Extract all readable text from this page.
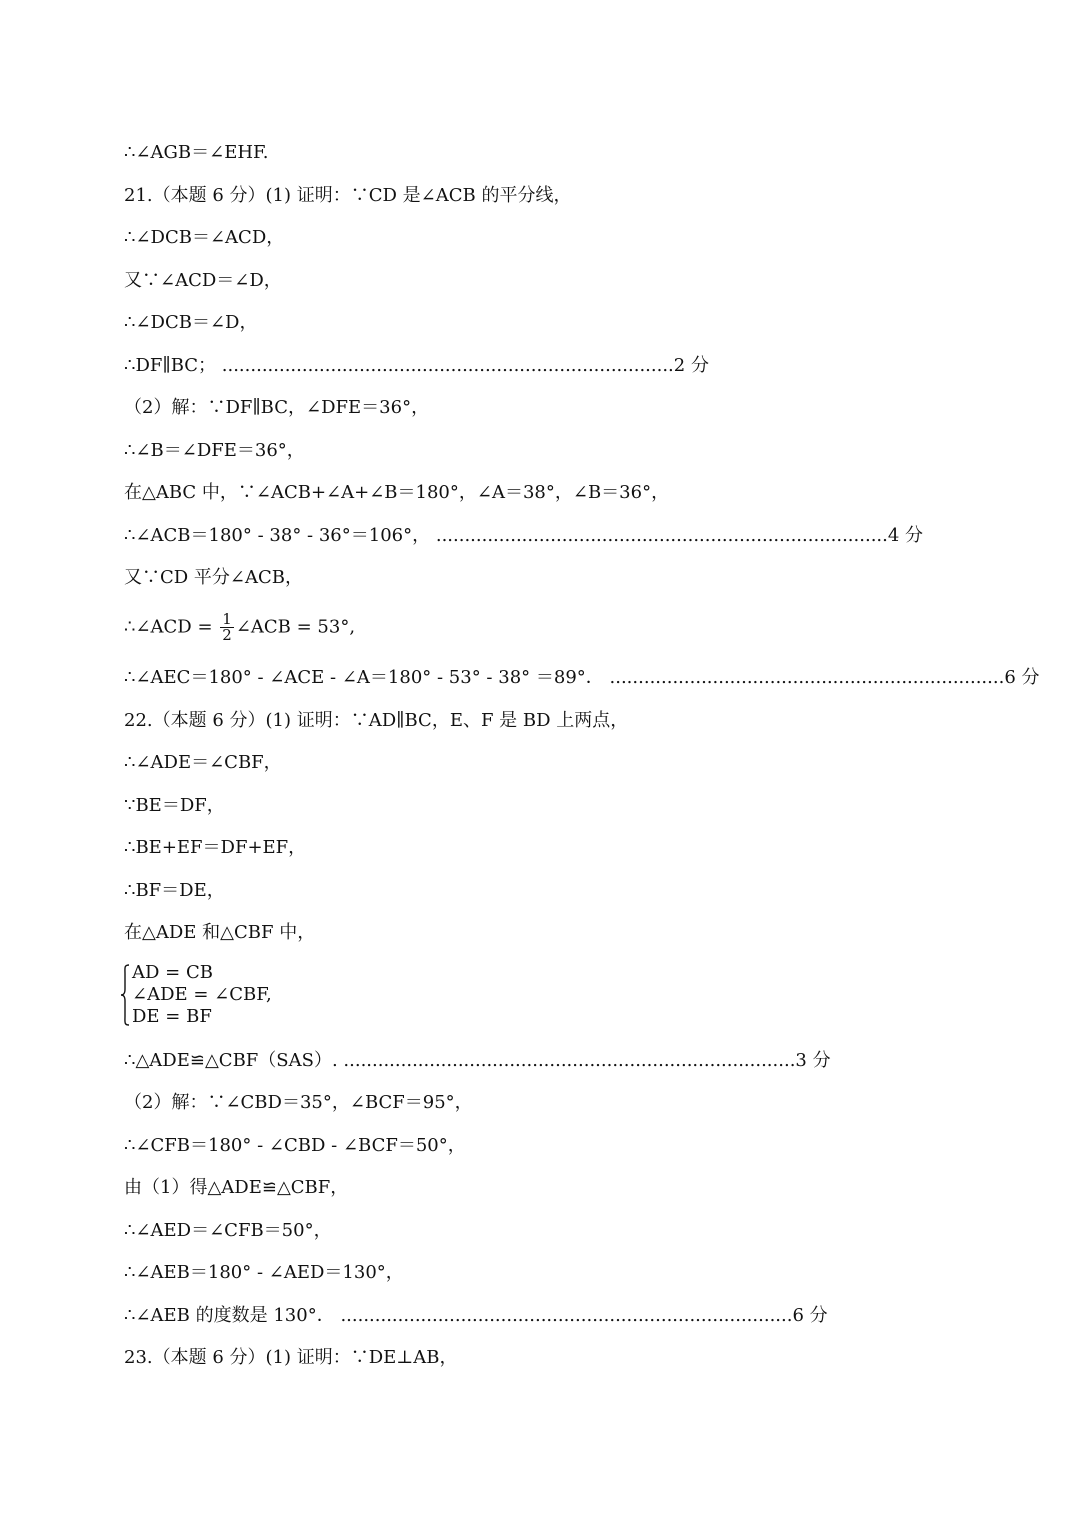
∴∠AGB＝∠EHF.
21.（本题 6 分）(1) 证明：∵CD 是∠ACB 的平分线，
∴∠DCB＝∠ACD，
又∵∠ACD＝∠D，
∴∠DCB＝∠D，
∴DF∥BC； ...............................................................................2 分
（2）解：∵DF∥BC，∠DFE＝36°，
∴∠B＝∠DFE＝36°，
在△ABC 中，∵∠ACB+∠A+∠B＝180°，∠A＝38°，∠B＝36°，
∴∠ACB＝180° - 38° - 36°＝106°， ...............................................................................4 分
又∵CD 平分∠ACB，
∴∠ACD = $\frac{1}{2}$ ∠ACB = 53°,
∴∠AEC＝180° - ∠ACE - ∠A＝180° - 53° - 38° ＝89°． .....................................................................6 分
22.（本题 6 分）(1) 证明：∵AD∥BC，E、F 是 BD 上两点，
∴∠ADE＝∠CBF，
∵BE＝DF，
∴BE+EF＝DF+EF，
∴BF＝DE，
在△ADE 和△CBF 中，
AD = CB
∠ADE = ∠CBF,
DE = BF
∴△ADE≌△CBF（SAS）. ...............................................................................3 分
（2）解：∵∠CBD＝35°，∠BCF＝95°，
∴∠CFB＝180° - ∠CBD - ∠BCF＝50°，
由（1）得△ADE≌△CBF，
∴∠AED＝∠CFB＝50°，
∴∠AEB＝180° - ∠AED＝130°，
∴∠AEB 的度数是 130°． ...............................................................................6 分
23.（本题 6 分）(1) 证明：∵DE⊥AB，
